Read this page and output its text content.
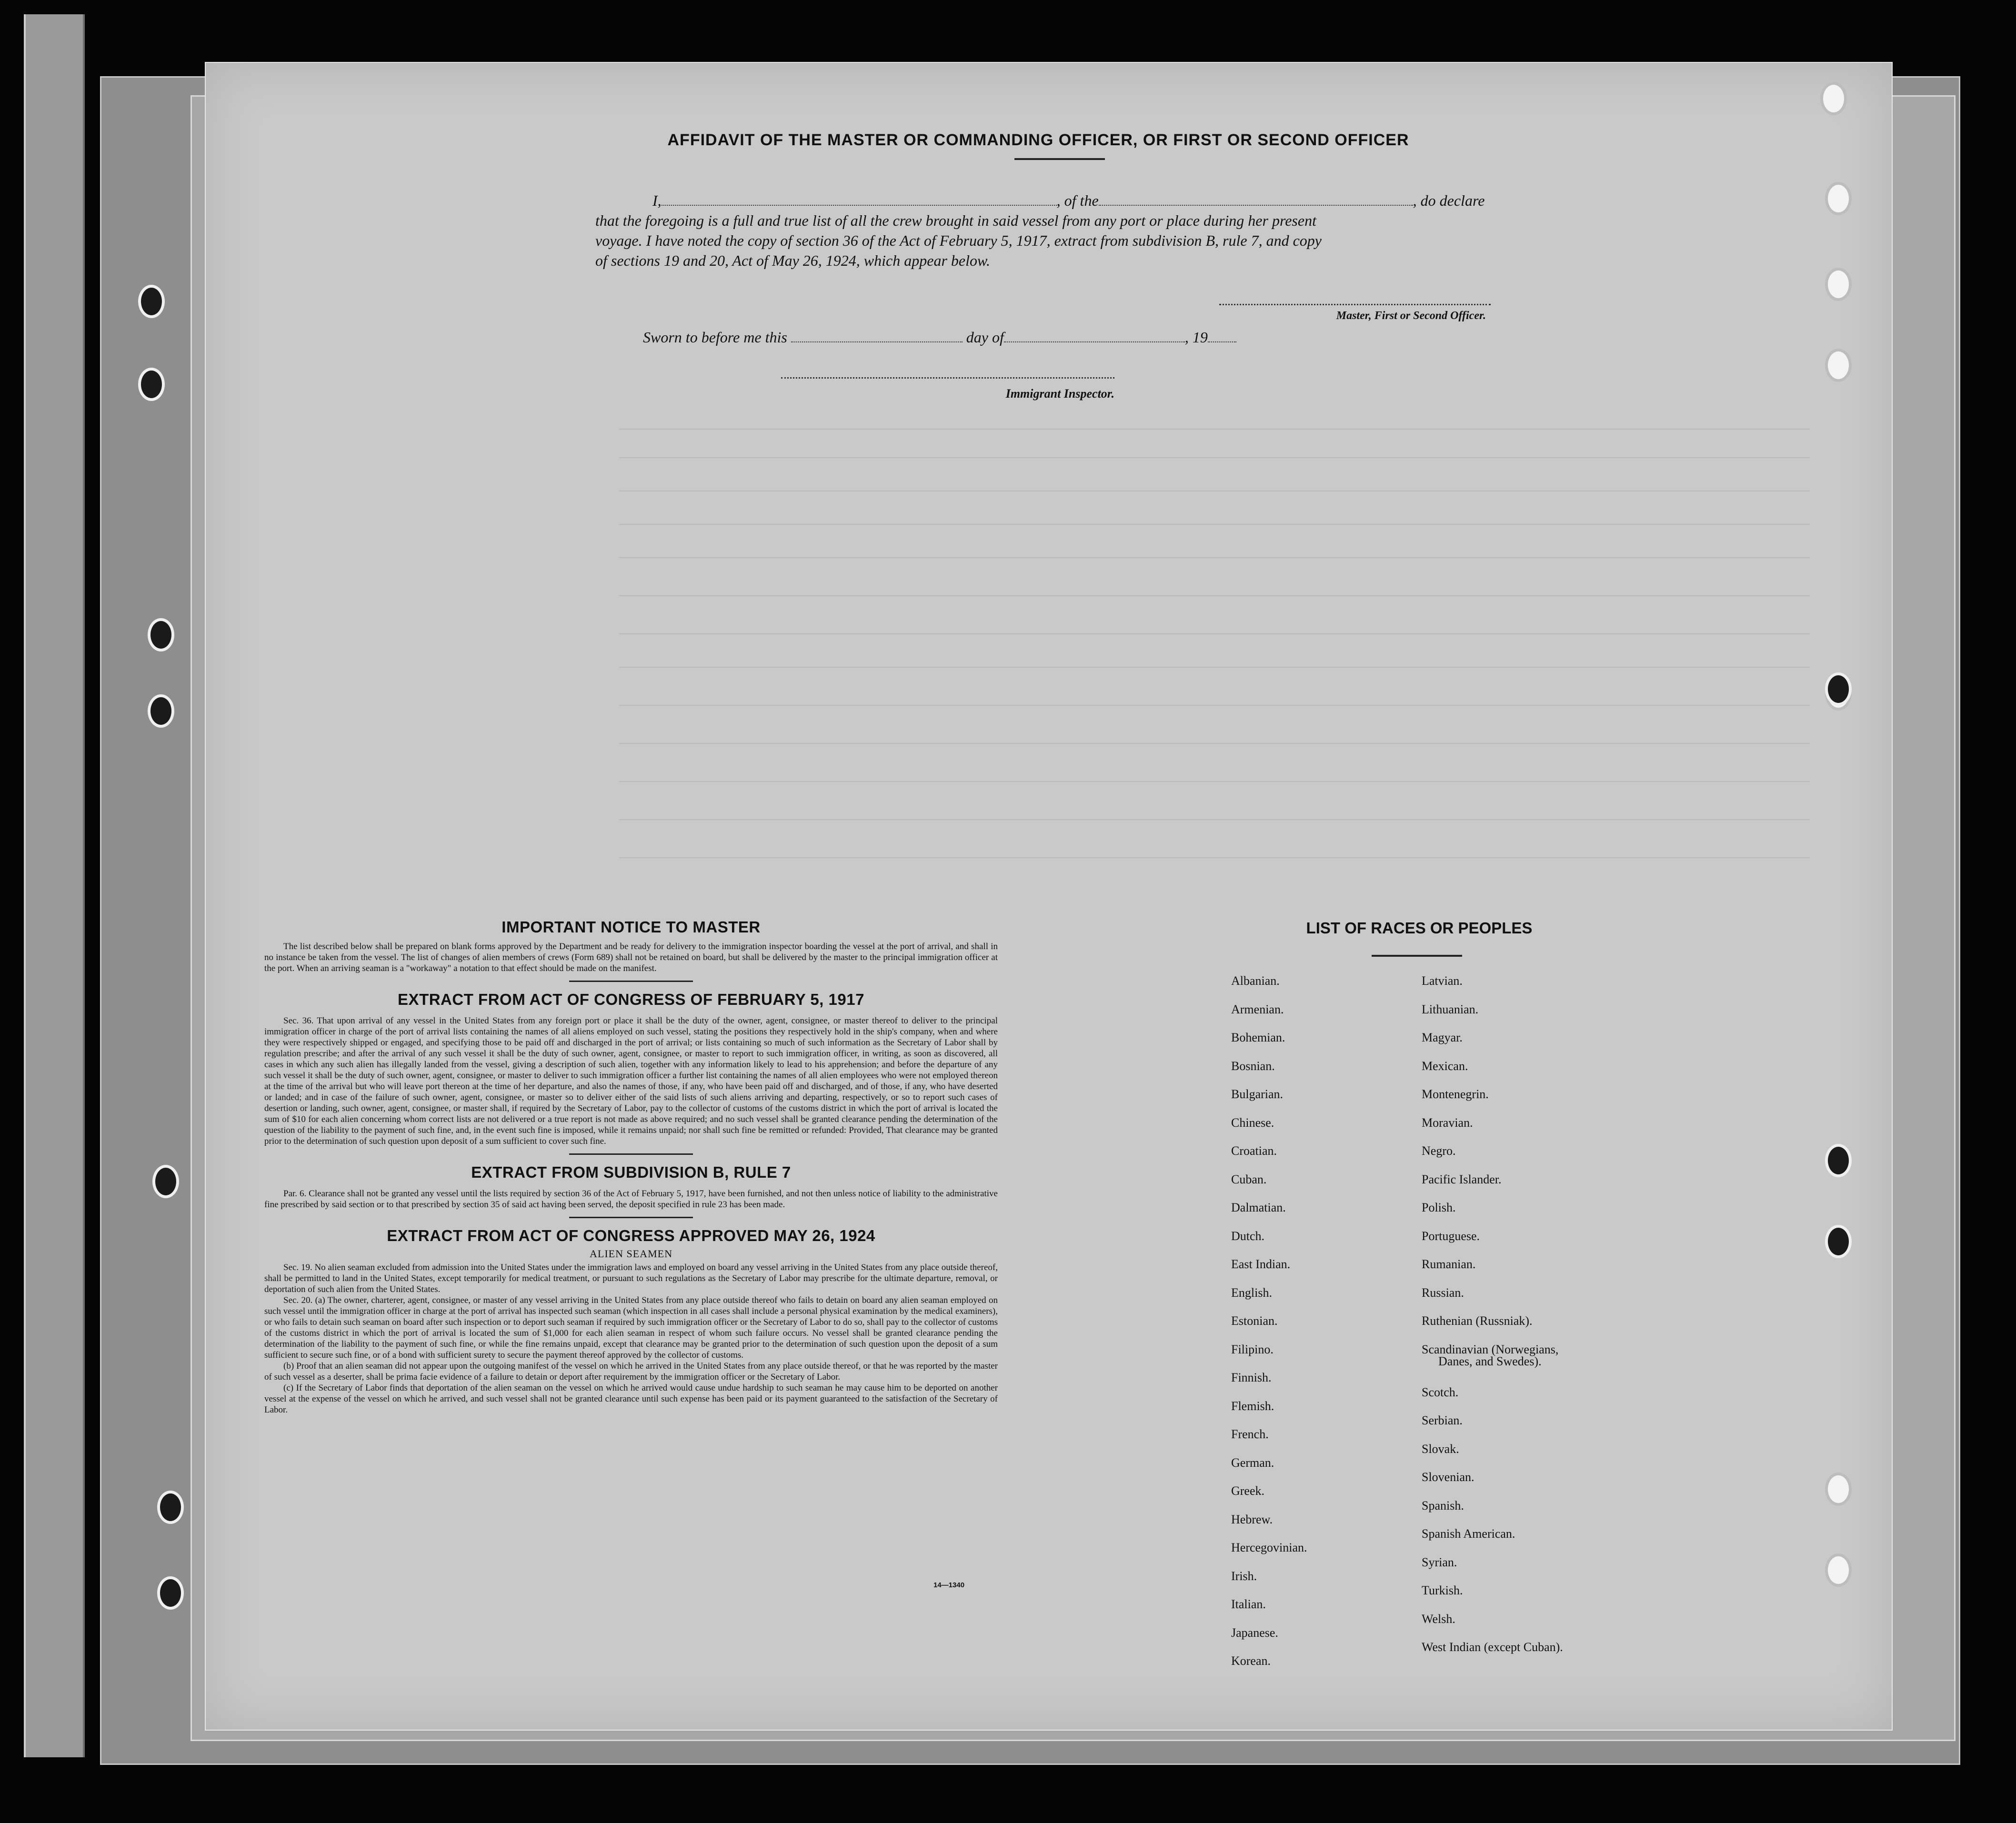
AFFIDAVIT OF THE MASTER OR COMMANDING OFFICER, OR FIRST OR SECOND OFFICER
I,	, of the	, do declare
that the foregoing is a full and true list of all the crew brought in said vessel from any port or place during her present
voyage. I have noted the copy of section 36 of the Act of February 5, 1917, extract from subdivision B, rule 7, and copy
of sections 19 and 20, Act of May 26, 1924, which appear below.
Master, First or Second Officer.
Sworn to before me this	day of	, 19
Immigrant Inspector.
IMPORTANT NOTICE TO MASTER

The list described below shall be prepared on blank forms approved by the Department and be ready for delivery to the immigration inspector boarding the vessel at the port of arrival, and shall in no instance be taken from the vessel. The list of changes of alien members of crews (Form 689) shall not be retained on board, but shall be delivered by the master to the principal immigration officer at the port. When an arriving seaman is a "workaway" a notation to that effect should be made on the manifest.

EXTRACT FROM ACT OF CONGRESS OF FEBRUARY 5, 1917

Sec. 36. That upon arrival of any vessel in the United States from any foreign port or place it shall be the duty of the owner, agent, consignee, or master thereof to deliver to the principal immigration officer in charge of the port of arrival lists containing the names of all aliens employed on such vessel, stating the positions they respectively hold in the ship's company, when and where they were respectively shipped or engaged, and specifying those to be paid off and discharged in the port of arrival; or lists containing so much of such information as the Secretary of Labor shall by regulation prescribe; and after the arrival of any such vessel it shall be the duty of such owner, agent, consignee, or master to report to such immigration officer, in writing, as soon as discovered, all cases in which any such alien has illegally landed from the vessel, giving a description of such alien, together with any information likely to lead to his apprehension; and before the departure of any such vessel it shall be the duty of such owner, agent, consignee, or master to deliver to such immigration officer a further list containing the names of all alien employees who were not employed thereon at the time of the arrival but who will leave port thereon at the time of her departure, and also the names of those, if any, who have been paid off and discharged, and of those, if any, who have deserted or landed; and in case of the failure of such owner, agent, consignee, or master so to deliver either of the said lists of such aliens arriving and departing, respectively, or so to report such cases of desertion or landing, such owner, agent, consignee, or master shall, if required by the Secretary of Labor, pay to the collector of customs of the customs district in which the port of arrival is located the sum of $10 for each alien concerning whom correct lists are not delivered or a true report is not made as above required; and no such vessel shall be granted clearance pending the determination of the question of the liability to the payment of such fine, and, in the event such fine is imposed, while it remains unpaid; nor shall such fine be remitted or refunded: Provided, That clearance may be granted prior to the determination of such question upon deposit of a sum sufficient to cover such fine.

EXTRACT FROM SUBDIVISION B, RULE 7

Par. 6. Clearance shall not be granted any vessel until the lists required by section 36 of the Act of February 5, 1917, have been furnished, and not then unless notice of liability to the administrative fine prescribed by said section or to that prescribed by section 35 of said act having been served, the deposit specified in rule 23 has been made.

EXTRACT FROM ACT OF CONGRESS APPROVED MAY 26, 1924
ALIEN SEAMEN

Sec. 19. No alien seaman excluded from admission into the United States under the immigration laws and employed on board any vessel arriving in the United States from any place outside thereof, shall be permitted to land in the United States, except temporarily for medical treatment, or pursuant to such regulations as the Secretary of Labor may prescribe for the ultimate departure, removal, or deportation of such alien from the United States.

Sec. 20. (a) The owner, charterer, agent, consignee, or master of any vessel arriving in the United States from any place outside thereof who fails to detain on board any alien seaman employed on such vessel until the immigration officer in charge at the port of arrival has inspected such seaman (which inspection in all cases shall include a personal physical examination by the medical examiners), or who fails to detain such seaman on board after such inspection or to deport such seaman if required by such immigration officer or the Secretary of Labor to do so, shall pay to the collector of customs of the customs district in which the port of arrival is located the sum of $1,000 for each alien seaman in respect of whom such failure occurs. No vessel shall be granted clearance pending the determination of the liability to the payment of such fine, or while the fine remains unpaid, except that clearance may be granted prior to the determination of such question upon the deposit of a sum sufficient to secure such fine, or of a bond with sufficient surety to secure the payment thereof approved by the collector of customs.

(b) Proof that an alien seaman did not appear upon the outgoing manifest of the vessel on which he arrived in the United States from any place outside thereof, or that he was reported by the master of such vessel as a deserter, shall be prima facie evidence of a failure to detain or deport after requirement by the immigration officer or the Secretary of Labor.

(c) If the Secretary of Labor finds that deportation of the alien seaman on the vessel on which he arrived would cause undue hardship to such seaman he may cause him to be deported on another vessel at the expense of the vessel on which he arrived, and such vessel shall not be granted clearance until such expense has been paid or its payment guaranteed to the satisfaction of the Secretary of Labor.

14—1340
LIST OF RACES OR PEOPLES
Albanian.
Armenian.
Bohemian.
Bosnian.
Bulgarian.
Chinese.
Croatian.
Cuban.
Dalmatian.
Dutch.
East Indian.
English.
Estonian.
Filipino.
Finnish.
Flemish.
French.
German.
Greek.
Hebrew.
Hercegovinian.
Irish.
Italian.
Japanese.
Korean.
Latvian.
Lithuanian.
Magyar.
Mexican.
Montenegrin.
Moravian.
Negro.
Pacific Islander.
Polish.
Portuguese.
Rumanian.
Russian.
Ruthenian (Russniak).
Scandinavian (Norwegians,
Danes, and Swedes).
Scotch.
Serbian.
Slovak.
Slovenian.
Spanish.
Spanish American.
Syrian.
Turkish.
Welsh.
West Indian (except Cuban).
